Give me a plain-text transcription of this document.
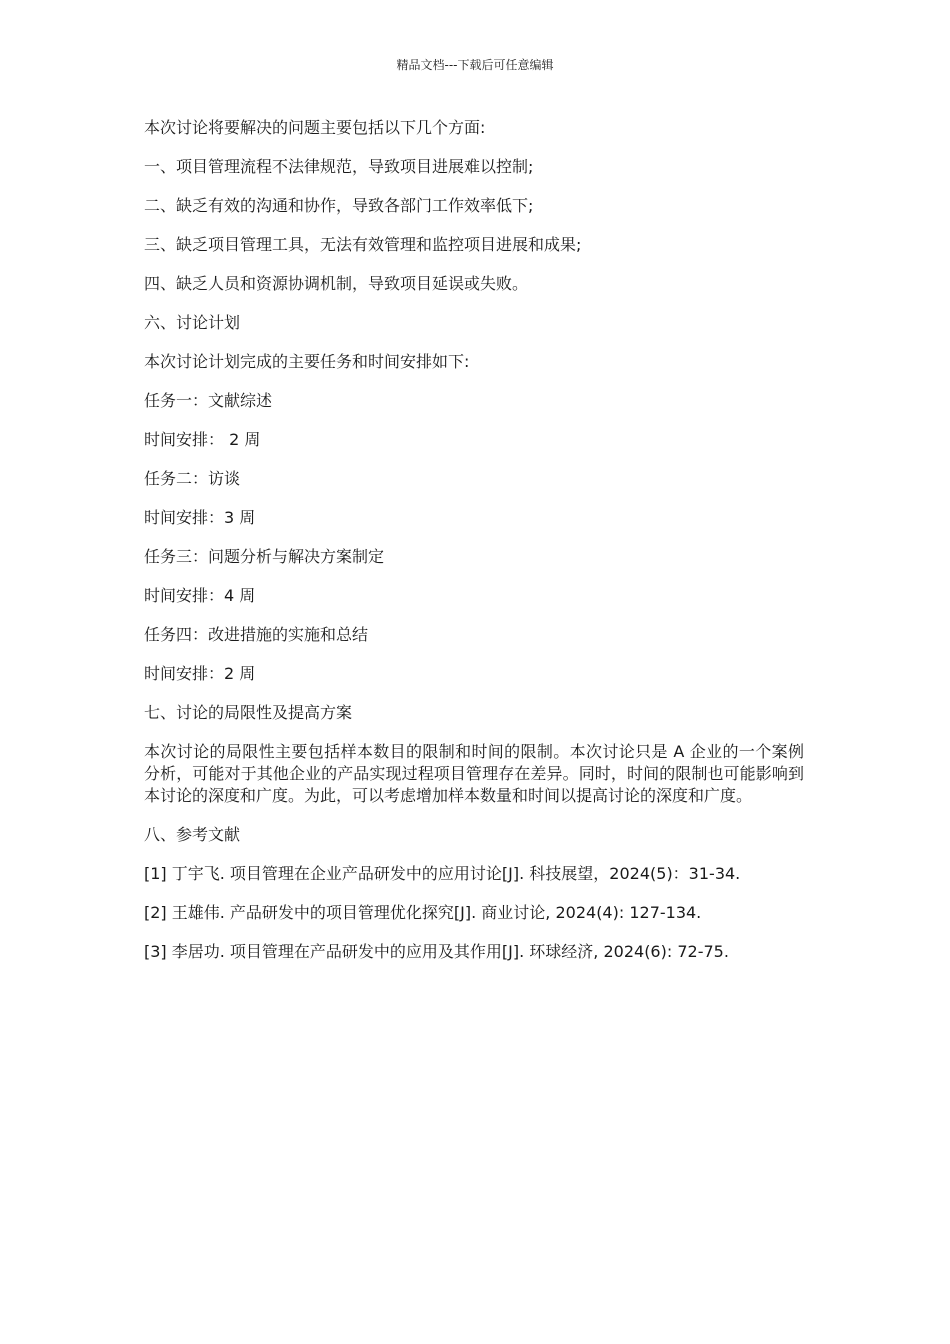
精品文档---下载后可任意编辑

本次讨论将要解决的问题主要包括以下几个方面:

一、项目管理流程不法律规范，导致项目进展难以控制;

二、缺乏有效的沟通和协作，导致各部门工作效率低下;

三、缺乏项目管理工具，无法有效管理和监控项目进展和成果;

四、缺乏人员和资源协调机制，导致项目延误或失败。

六、讨论计划

本次讨论计划完成的主要任务和时间安排如下:

任务一：文献综述

时间安排： 2 周

任务二：访谈

时间安排：3 周

任务三：问题分析与解决方案制定

时间安排：4 周

任务四：改进措施的实施和总结

时间安排：2 周

七、讨论的局限性及提高方案

本次讨论的局限性主要包括样本数目的限制和时间的限制。本次讨论只是 A 企业的一个案例分析，可能对于其他企业的产品实现过程项目管理存在差异。同时，时间的限制也可能影响到本讨论的深度和广度。为此，可以考虑增加样本数量和时间以提高讨论的深度和广度。

八、参考文献

[1] 丁宇飞. 项目管理在企业产品研发中的应用讨论[J]. 科技展望，2024(5)：31-34.

[2] 王雄伟. 产品研发中的项目管理优化探究[J]. 商业讨论, 2024(4): 127-134.

[3] 李居功. 项目管理在产品研发中的应用及其作用[J]. 环球经济, 2024(6): 72-75.
